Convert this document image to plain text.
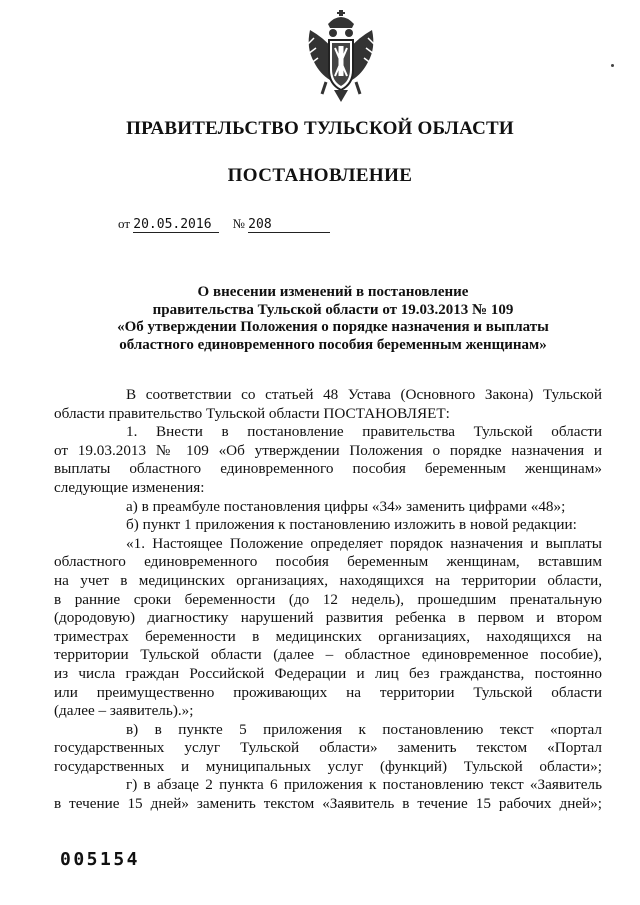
ПРАВИТЕЛЬСТВО ТУЛЬСКОЙ ОБЛАСТИ
ПОСТАНОВЛЕНИЕ
от 20.05.2016 № 208
О внесении изменений в постановление
правительства Тульской области от 19.03.2013 № 109
«Об утверждении Положения о порядке назначения и выплаты
областного единовременного пособия беременным женщинам»
В соответствии со статьей 48 Устава (Основного Закона) Тульской
области правительство Тульской области ПОСТАНОВЛЯЕТ:
1. Внести в постановление правительства Тульской области
от 19.03.2013 № 109 «Об утверждении Положения о порядке назначения и
выплаты областного единовременного пособия беременным женщинам»
следующие изменения:
а) в преамбуле постановления цифры «34» заменить цифрами «48»;
б) пункт 1 приложения к постановлению изложить в новой редакции:
«1. Настоящее Положение определяет порядок назначения и выплаты
областного единовременного пособия беременным женщинам, вставшим
на учет в медицинских организациях, находящихся на территории области,
в ранние сроки беременности (до 12 недель), прошедшим пренатальную
(дородовую) диагностику нарушений развития ребенка в первом и втором
триместрах беременности в медицинских организациях, находящихся на
территории Тульской области (далее – областное единовременное пособие),
из числа граждан Российской Федерации и лиц без гражданства, постоянно
или преимущественно проживающих на территории Тульской области
(далее – заявитель).»;
в) в пункте 5 приложения к постановлению текст «портал
государственных услуг Тульской области» заменить текстом «Портал
государственных и муниципальных услуг (функций) Тульской области»;
г) в абзаце 2 пункта 6 приложения к постановлению текст «Заявитель
в течение 15 дней» заменить текстом «Заявитель в течение 15 рабочих дней»;
005154
